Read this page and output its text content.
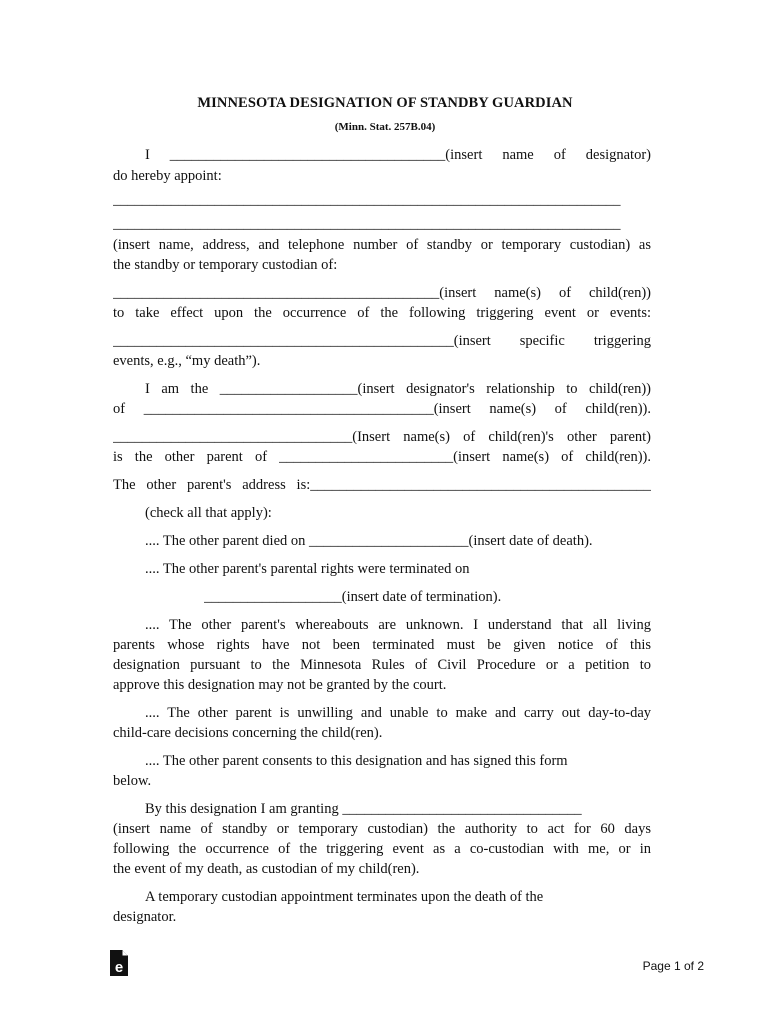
MINNESOTA DESIGNATION OF STANDBY GUARDIAN
(Minn. Stat. 257B.04)
I ______________________________________(insert name of designator)
do hereby appoint:
______________________________________________________________________
______________________________________________________________________
(insert name, address, and telephone number of standby or temporary custodian) as
the standby or temporary custodian of:
_____________________________________________(insert name(s) of child(ren))
to take effect upon the occurrence of the following triggering event or events:
_______________________________________________(insert specific triggering
events, e.g., “my death”).
I am the ___________________(insert designator's relationship to child(ren))
of ________________________________________(insert name(s) of child(ren)).
_________________________________(Insert name(s) of child(ren)'s other parent)
is the other parent of ________________________(insert name(s) of child(ren)).
The other parent's address is:_______________________________________________
(check all that apply):
.... The other parent died on ______________________(insert date of death).
.... The other parent's parental rights were terminated on
___________________(insert date of termination).
.... The other parent's whereabouts are unknown. I understand that all living
parents whose rights have not been terminated must be given notice of this
designation pursuant to the Minnesota Rules of Civil Procedure or a petition to
approve this designation may not be granted by the court.
.... The other parent is unwilling and unable to make and carry out day-to-day
child-care decisions concerning the child(ren).
.... The other parent consents to this designation and has signed this form
below.
By this designation I am granting _________________________________
(insert name of standby or temporary custodian) the authority to act for 60 days
following the occurrence of the triggering event as a co-custodian with me, or in
the event of my death, as custodian of my child(ren).
A temporary custodian appointment terminates upon the death of the
designator.
e	Page 1 of 2
